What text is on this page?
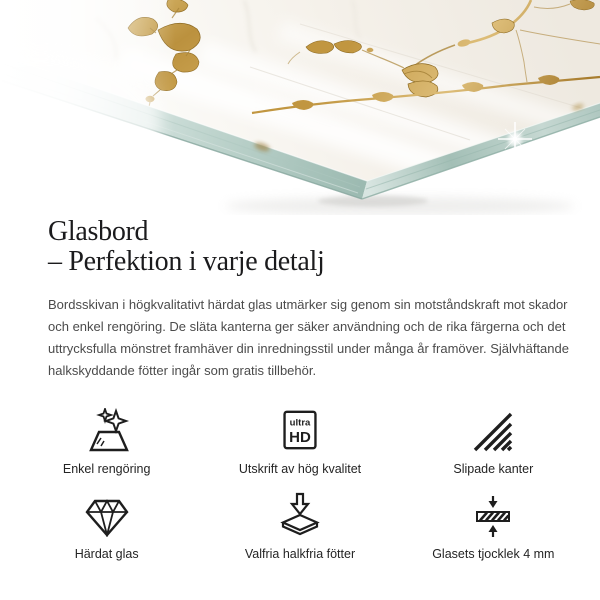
Glasbord
– Perfektion i varje detalj
Bordsskivan i högkvalitativt härdat glas utmärker sig genom sin motståndskraft mot skador
och enkel rengöring. De släta kanterna ger säker användning och de rika färgerna och det
uttrycksfulla mönstret framhäver din inredningsstil under många år framöver. Självhäftande
halkskyddande fötter ingår som gratis tillbehör.
Enkel rengöring
ultra
HD
Utskrift av hög kvalitet	Slipade kanter
Härdat glas	Valfria halkfria fötter	Glasets tjocklek 4 mm
